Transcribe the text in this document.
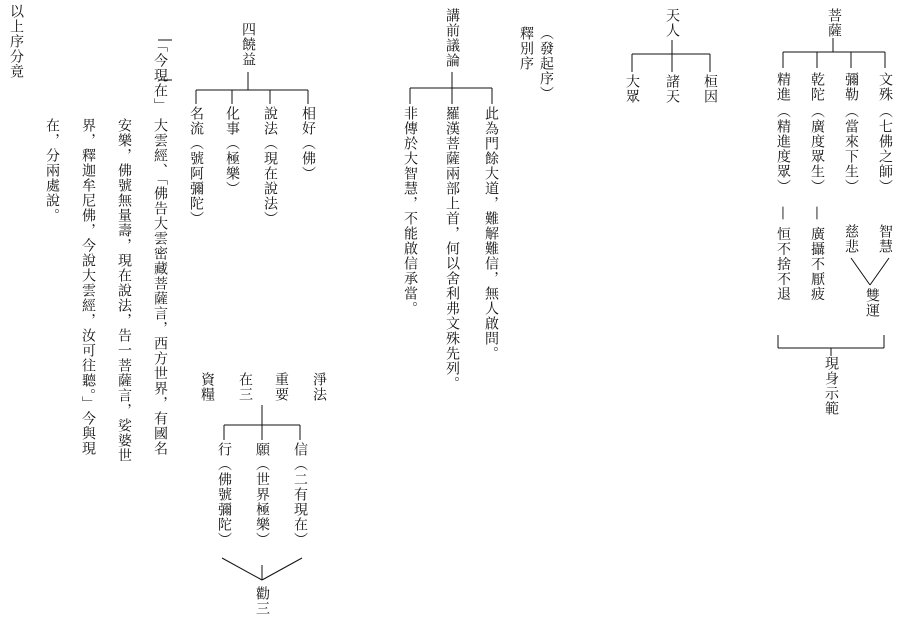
菩薩
文殊
（七佛之師）
智慧
彌勒
（當來下生）
慈悲
乾陀
（廣度眾生）
— 廣攝不厭疲
精進
（精進度眾）
— 恒不捨不退
雙運
現身示範
天人
桓因
諸天
大眾
（發起序）
釋別序
講前議論
此為門餘大道，難解難信，無人啟問。
羅漢菩薩兩部上首，何以舍利弗文殊先列。
非傳於大智慧，不能啟信承當。
四饒益
相好（佛）
說法（現在說法）
化事（極樂）
名流（號阿彌陀）
「今現在」
大雲經、「佛告大雲密藏菩薩言，西方世界，有國名
安樂，佛號無量壽，現在說法，告一菩薩言，娑婆世
界，釋迦牟尼佛，今說大雲經，汝可往聽。」今與現
在，分兩處說。
淨法
重要
在三
資糧
信（二有現在）
願（世界極樂）
行（佛號彌陀）
勸三
以上序分竟
